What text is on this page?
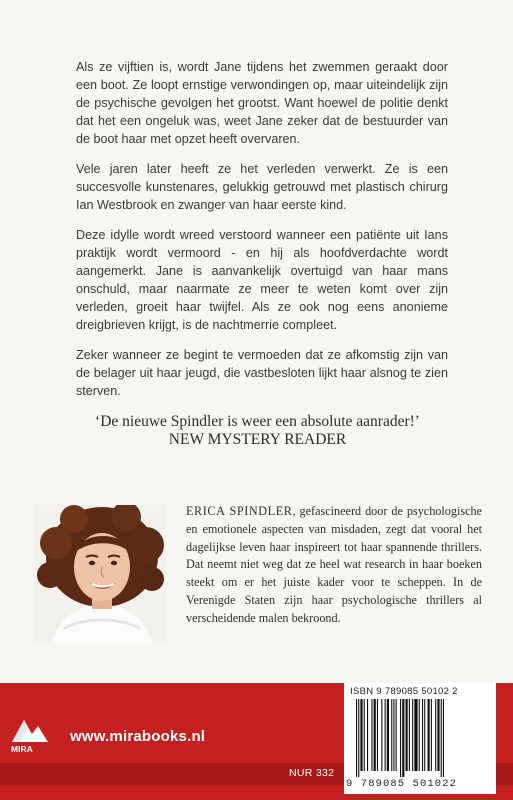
Als ze vijftien is, wordt Jane tijdens het zwemmen geraakt door een boot. Ze loopt ernstige verwondingen op, maar uiteindelijk zijn de psychische gevolgen het grootst. Want hoewel de politie denkt dat het een ongeluk was, weet Jane zeker dat de bestuurder van de boot haar met opzet heeft overvaren.

Vele jaren later heeft ze het verleden verwerkt. Ze is een succesvolle kunstenares, gelukkig getrouwd met plastisch chirurg Ian Westbrook en zwanger van haar eerste kind.

Deze idylle wordt wreed verstoord wanneer een patiënte uit Ians praktijk wordt vermoord - en hij als hoofdverdachte wordt aangemerkt. Jane is aanvankelijk overtuigd van haar mans onschuld, maar naarmate ze meer te weten komt over zijn verleden, groeit haar twijfel. Als ze ook nog eens anonieme dreigbrieven krijgt, is de nachtmerrie compleet.

Zeker wanneer ze begint te vermoeden dat ze afkomstig zijn van de belager uit haar jeugd, die vastbesloten lijkt haar alsnog te zien sterven.

‘De nieuwe Spindler is weer een absolute aanrader!’
NEW MYSTERY READER
ERICA SPINDLER, gefascineerd door de psychologische en emotionele aspecten van misdaden, zegt dat vooral het dagelijkse leven haar inspireert tot haar spannende thrillers. Dat neemt niet weg dat ze heel wat research in haar boeken steekt om er het juiste kader voor te scheppen. In de Verenigde Staten zijn haar psychologische thrillers al verscheidende malen bekroond.
MIRA
www.mirabooks.nl
NUR 332
ISBN 9 789085 50102 2
9 789085 501022
